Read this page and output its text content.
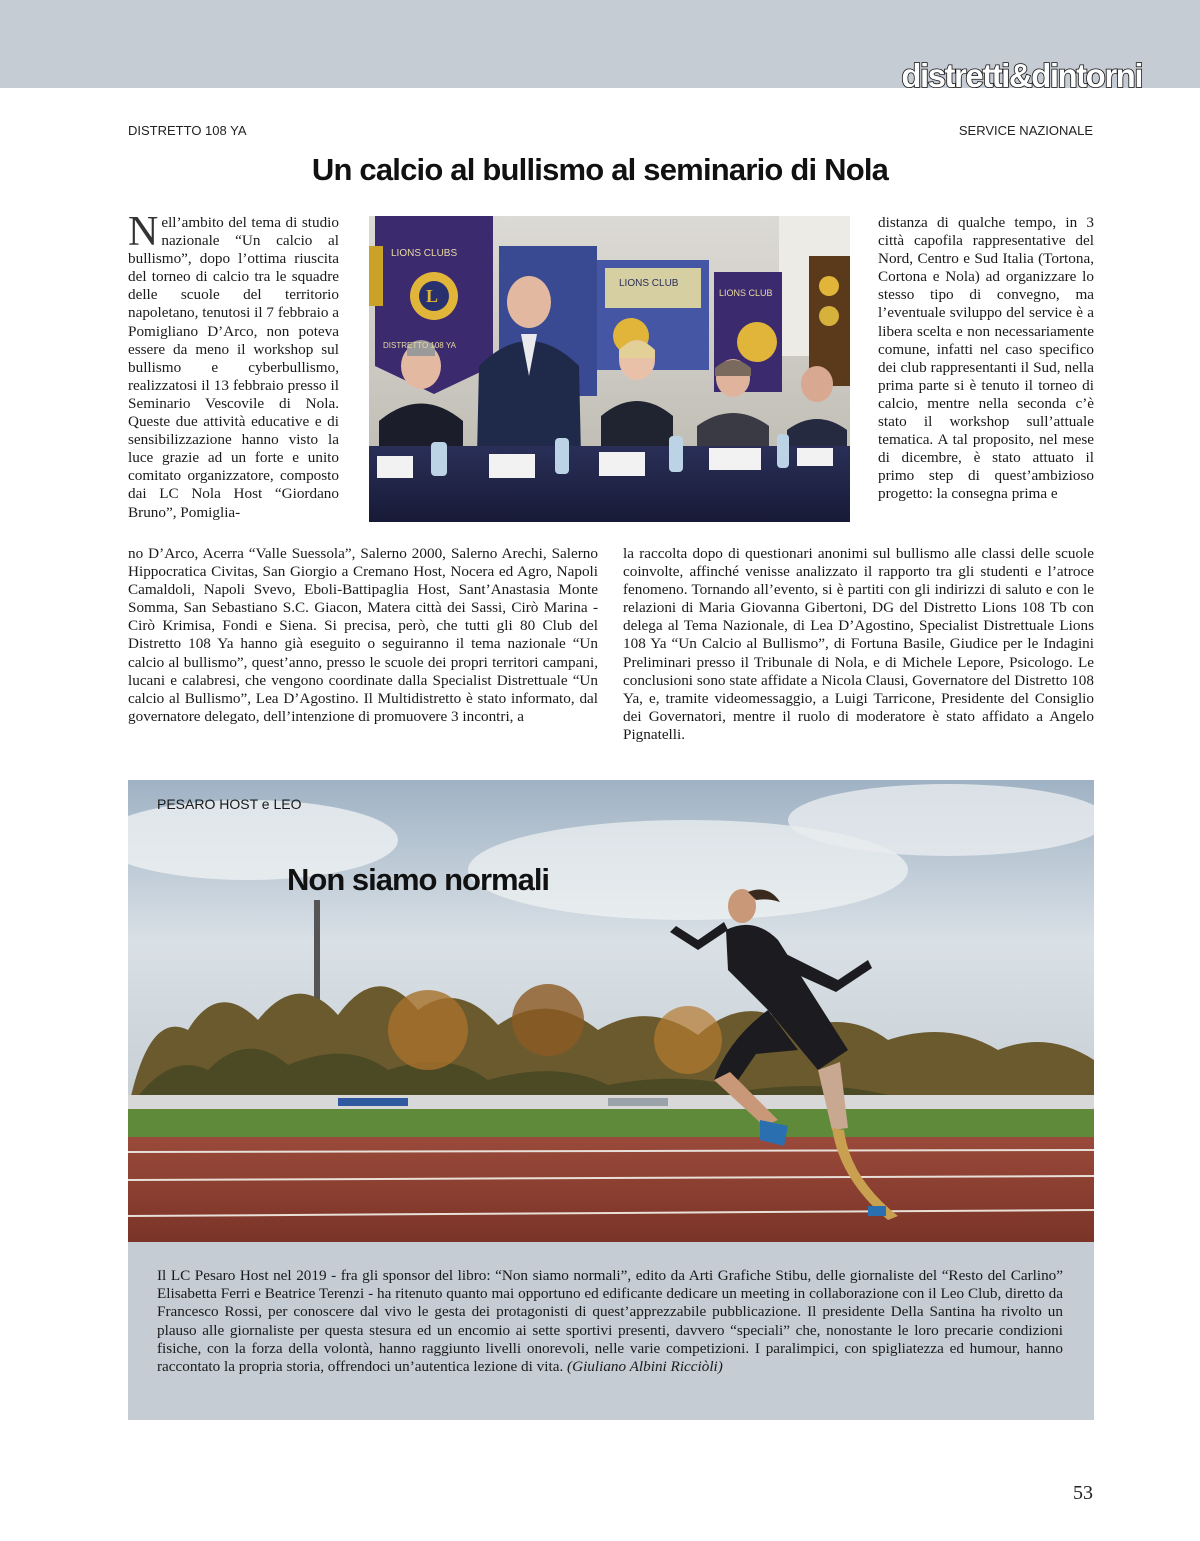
distretti&dintorni
DISTRETTO 108 YA	SERVICE NAZIONALE
Un calcio al bullismo al seminario di Nola

Nell’ambito del tema di studio nazionale “Un calcio al bullismo”, dopo l’ottima riuscita del torneo di calcio tra le squadre delle scuole del territorio napoletano, tenutosi il 7 febbraio a Pomigliano D’Arco, non poteva essere da meno il workshop sul bullismo e cyberbullismo, realizzatosi il 13 febbraio presso il Seminario Vescovile di Nola. Queste due attività educative e di sensibilizzazione hanno visto la luce grazie ad un forte e unito comitato organizzatore, composto dai LC Nola Host “Giordano Bruno”, Pomiglia-

L
LIONS CLUBS
LIONS CLUB
LIONS CLUB
DISTRETTO 108 YA

distanza di qualche tempo, in 3 città capofila rappresentative del Nord, Centro e Sud Italia (Tortona, Cortona e Nola) ad organizzare lo stesso tipo di convegno, ma l’eventuale sviluppo del service è a libera scelta e non necessariamente comune, infatti nel caso specifico dei club rappresentanti il Sud, nella prima parte si è tenuto il torneo di calcio, mentre nella seconda c’è stato il workshop sull’attuale tematica. A tal proposito, nel mese di dicembre, è stato attuato il primo step di quest’ambizioso progetto: la consegna prima e

no D’Arco, Acerra “Valle Suessola”, Salerno 2000, Salerno Arechi, Salerno Hippocratica Civitas, San Giorgio a Cremano Host, Nocera ed Agro, Napoli Camaldoli, Napoli Svevo, Eboli-Battipaglia Host, Sant’Anastasia Monte Somma, San Sebastiano S.C. Giacon, Matera città dei Sassi, Cirò Marina - Cirò Krimisa, Fondi e Siena. Si precisa, però, che tutti gli 80 Club del Distretto 108 Ya hanno già eseguito o seguiranno il tema nazionale “Un calcio al bullismo”, quest’anno, presso le scuole dei propri territori campani, lucani e calabresi, che vengono coordinate dalla Specialist Distrettuale “Un calcio al Bullismo”, Lea D’Agostino. Il Multidistretto è stato informato, dal governatore delegato, dell’intenzione di promuovere 3 incontri, a

la raccolta dopo di questionari anonimi sul bullismo alle classi delle scuole coinvolte, affinché venisse analizzato il rapporto tra gli studenti e l’atroce fenomeno. Tornando all’evento, si è partiti con gli indirizzi di saluto e con le relazioni di Maria Giovanna Gibertoni, DG del Distretto Lions 108 Tb con delega al Tema Nazionale, di Lea D’Agostino, Specialist Distrettuale Lions 108 Ya “Un Calcio al Bullismo”, di Fortuna Basile, Giudice per le Indagini Preliminari presso il Tribunale di Nola, e di Michele Lepore, Psicologo. Le conclusioni sono state affidate a Nicola Clausi, Governatore del Distretto 108 Ya, e, tramite videomessaggio, a Luigi Tarricone, Presidente del Consiglio dei Governatori, mentre il ruolo di moderatore è stato affidato a Angelo Pignatelli.

PESARO HOST e LEO
Non siamo normali

Il LC Pesaro Host nel 2019 - fra gli sponsor del libro: “Non siamo normali”, edito da Arti Grafiche Stibu, delle giornaliste del “Resto del Carlino” Elisabetta Ferri e Beatrice Terenzi - ha ritenuto quanto mai opportuno ed edificante dedicare un meeting in collaborazione con il Leo Club, diretto da Francesco Rossi, per conoscere dal vivo le gesta dei protagonisti di quest’apprezzabile pubblicazione. Il presidente Della Santina ha rivolto un plauso alle giornaliste per questa stesura ed un encomio ai sette sportivi presenti, davvero “speciali” che, nonostante le loro precarie condizioni fisiche, con la forza della volontà, hanno raggiunto livelli onorevoli, nelle varie competizioni. I paralimpici, con spigliatezza ed humour, hanno raccontato la propria storia, offrendoci un’autentica lezione di vita. (Giuliano Albini Ricciòli)

53
